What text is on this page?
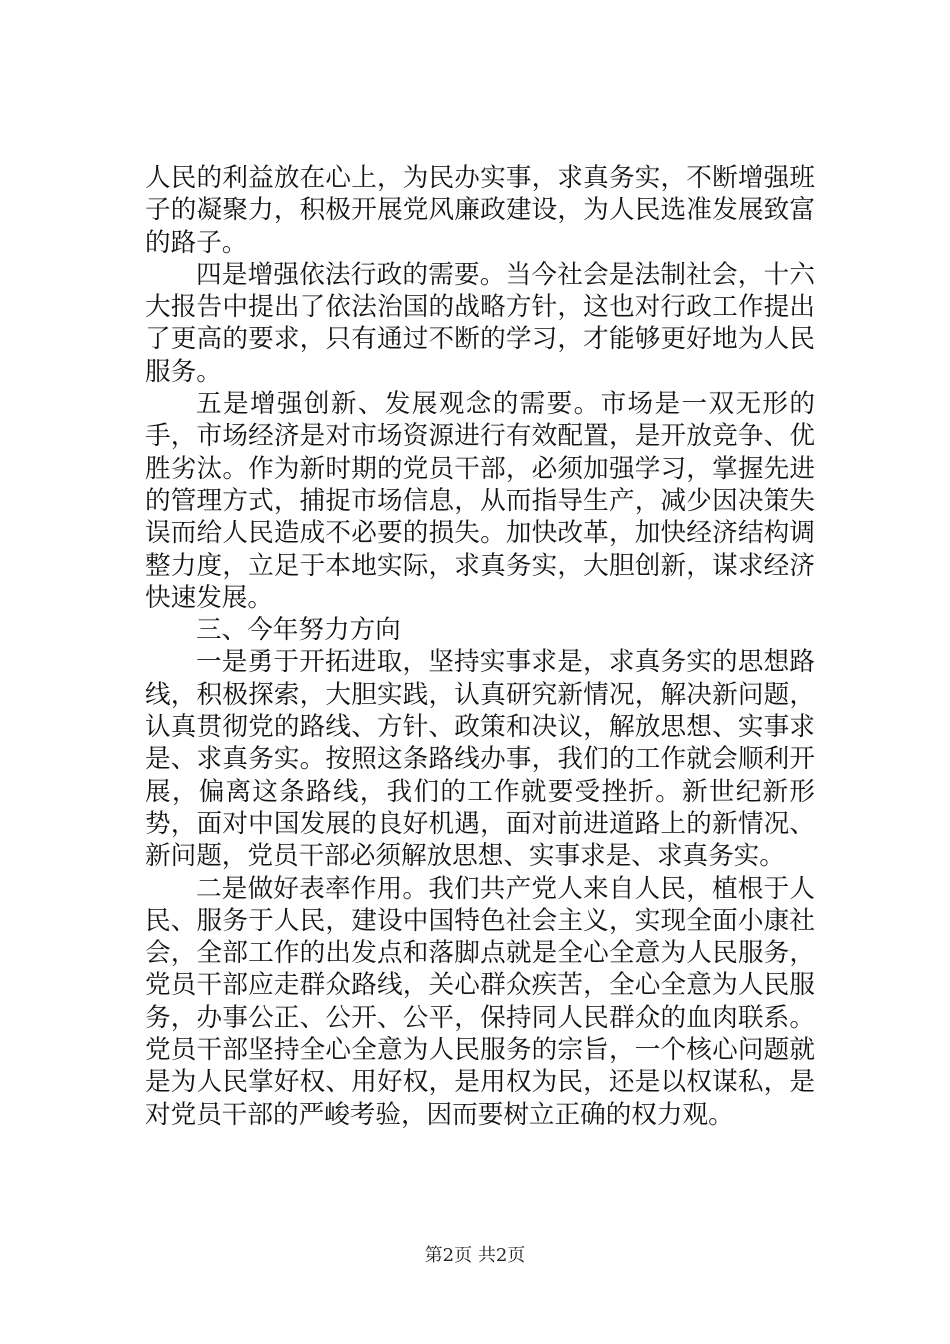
人民的利益放在心上，为民办实事，求真务实，不断增强班子的凝聚力，积极开展党风廉政建设，为人民选准发展致富的路子。

四是增强依法行政的需要。当今社会是法制社会，十六大报告中提出了依法治国的战略方针，这也对行政工作提出了更高的要求，只有通过不断的学习，才能够更好地为人民服务。

五是增强创新、发展观念的需要。市场是一双无形的手，市场经济是对市场资源进行有效配置，是开放竞争、优胜劣汰。作为新时期的党员干部，必须加强学习，掌握先进的管理方式，捕捉市场信息，从而指导生产，减少因决策失误而给人民造成不必要的损失。加快改革，加快经济结构调整力度，立足于本地实际，求真务实，大胆创新，谋求经济快速发展。

三、今年努力方向

一是勇于开拓进取，坚持实事求是，求真务实的思想路线，积极探索，大胆实践，认真研究新情况，解决新问题，认真贯彻党的路线、方针、政策和决议，解放思想、实事求是、求真务实。按照这条路线办事，我们的工作就会顺利开展，偏离这条路线，我们的工作就要受挫折。新世纪新形势，面对中国发展的良好机遇，面对前进道路上的新情况、新问题，党员干部必须解放思想、实事求是、求真务实。

二是做好表率作用。我们共产党人来自人民，植根于人民、服务于人民，建设中国特色社会主义，实现全面小康社会，全部工作的出发点和落脚点就是全心全意为人民服务，党员干部应走群众路线，关心群众疾苦，全心全意为人民服务，办事公正、公开、公平，保持同人民群众的血肉联系。党员干部坚持全心全意为人民服务的宗旨，一个核心问题就是为人民掌好权、用好权，是用权为民，还是以权谋私，是对党员干部的严峻考验，因而要树立正确的权力观。

第2页 共2页
